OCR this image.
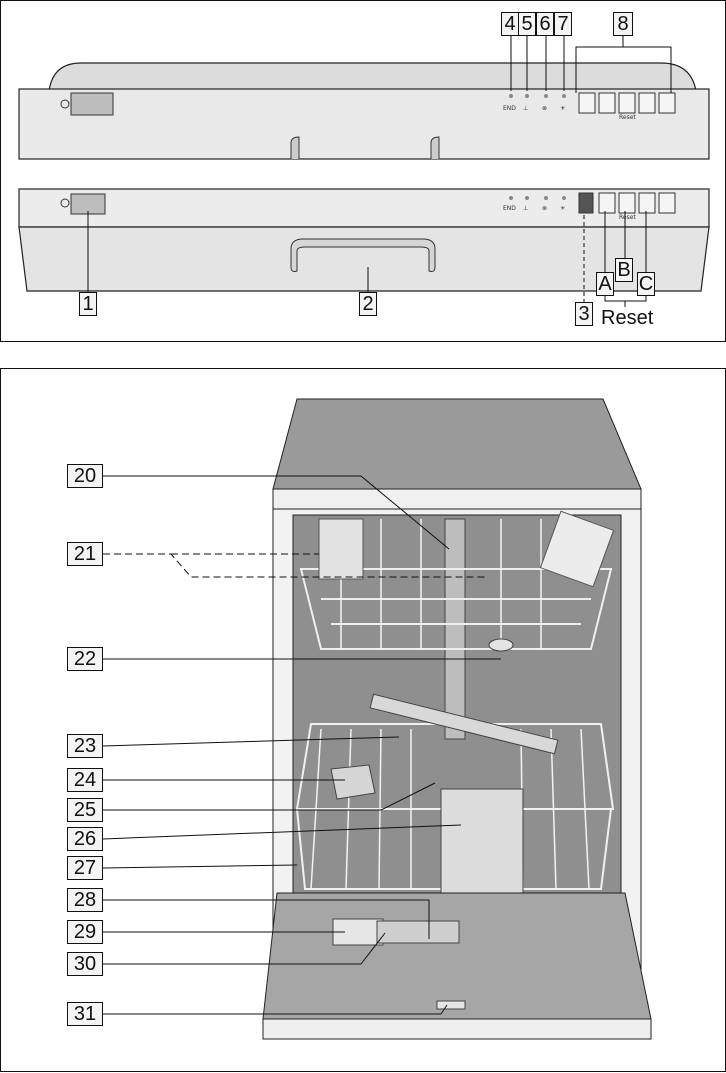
Reset
Reset
END ⊥ ⊗ ☀
END ⊥ ⊗ ☀
4 5 6 7 8
1	2	3
A
B
C
Reset
20
21
22
23
24
25
26
27
28
29
30
31
